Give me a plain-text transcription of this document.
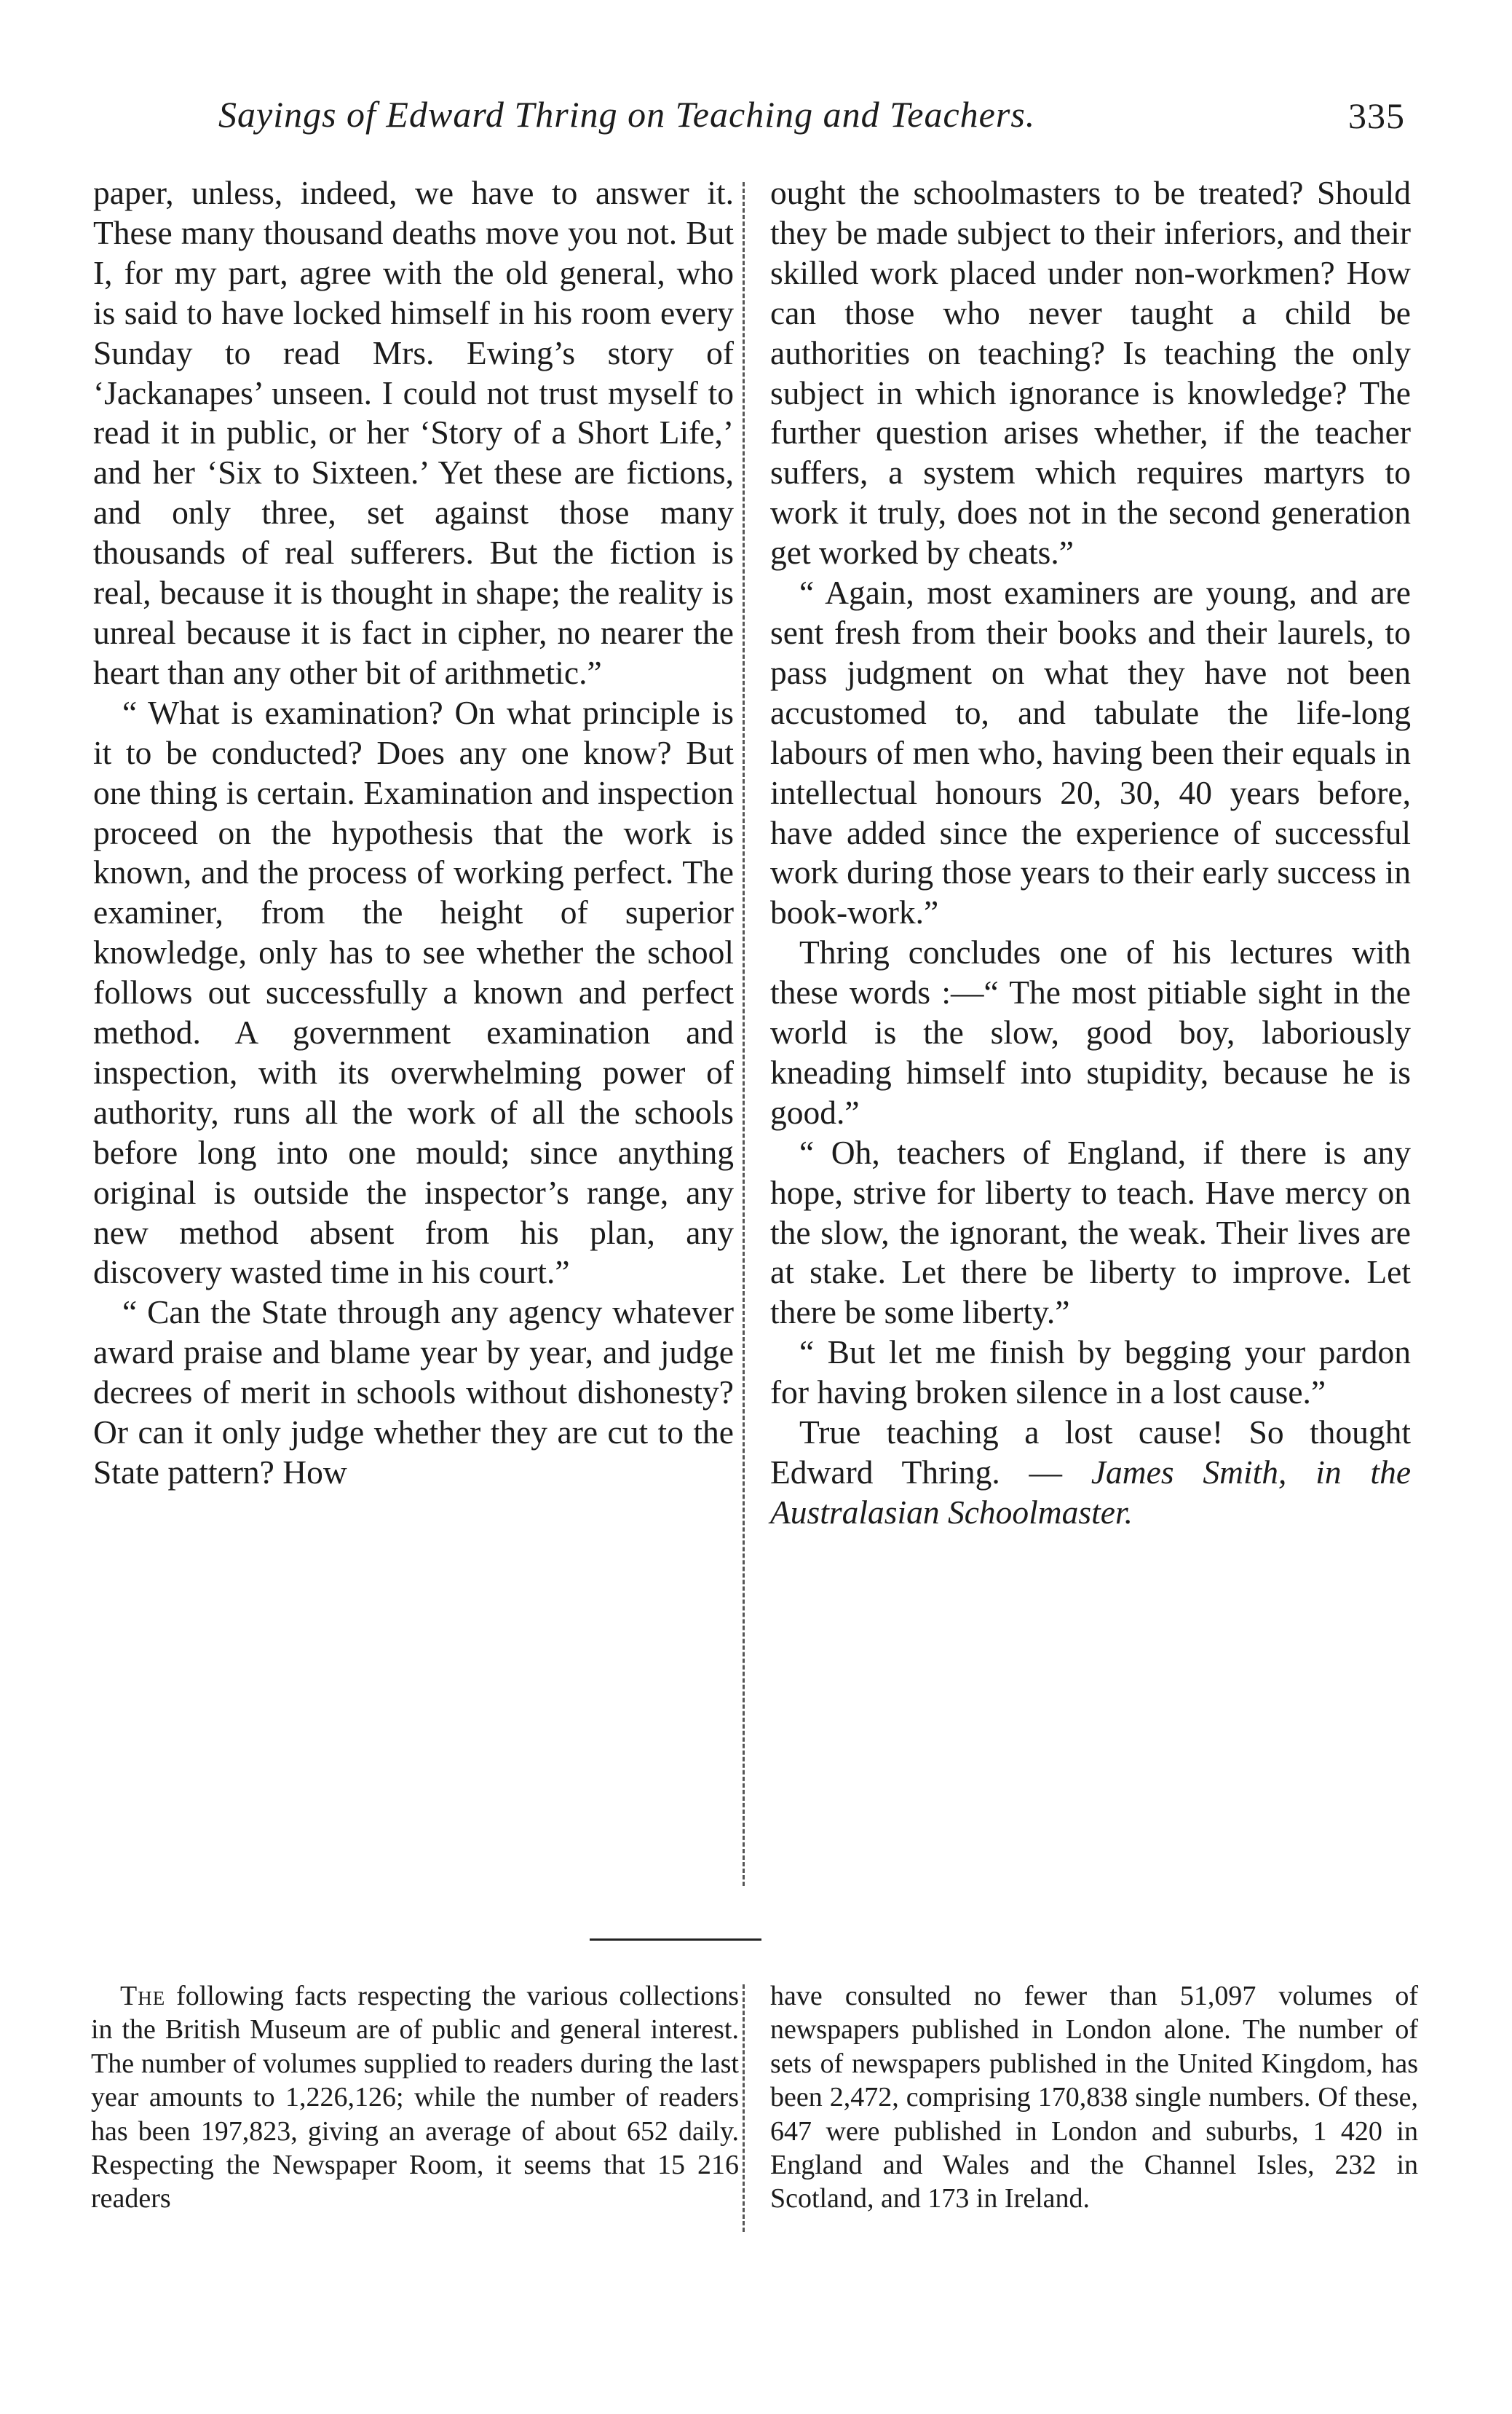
Sayings of Edward Thring on Teaching and Teachers.	335

paper, unless, indeed, we have to answer it. These many thousand deaths move you not. But I, for my part, agree with the old general, who is said to have locked himself in his room every Sunday to read Mrs. Ewing’s story of ‘Jackanapes’ unseen. I could not trust myself to read it in public, or her ‘Story of a Short Life,’ and her ‘Six to Sixteen.’ Yet these are fictions, and only three, set against those many thousands of real sufferers. But the fiction is real, because it is thought in shape; the reality is unreal because it is fact in cipher, no nearer the heart than any other bit of arithmetic.”

“ What is examination? On what principle is it to be conducted? Does any one know? But one thing is certain. Examination and inspection proceed on the hypothesis that the work is known, and the process of working perfect. The examiner, from the height of superior knowledge, only has to see whether the school follows out successfully a known and perfect method. A government examination and inspection, with its overwhelming power of authority, runs all the work of all the schools before long into one mould; since anything original is outside the inspector’s range, any new method absent from his plan, any discovery wasted time in his court.”

“ Can the State through any agency whatever award praise and blame year by year, and judge decrees of merit in schools without dishonesty? Or can it only judge whether they are cut to the State pattern? How

ought the schoolmasters to be treated? Should they be made subject to their inferiors, and their skilled work placed under non-workmen? How can those who never taught a child be authorities on teaching? Is teaching the only subject in which ignorance is knowledge? The further question arises whether, if the teacher suffers, a system which requires martyrs to work it truly, does not in the second generation get worked by cheats.”

“ Again, most examiners are young, and are sent fresh from their books and their laurels, to pass judgment on what they have not been accustomed to, and tabulate the life-long labours of men who, having been their equals in intellectual honours 20, 30, 40 years before, have added since the experience of successful work during those years to their early success in book-work.”

Thring concludes one of his lectures with these words :—“ The most pitiable sight in the world is the slow, good boy, laboriously kneading himself into stupidity, because he is good.”

“ Oh, teachers of England, if there is any hope, strive for liberty to teach. Have mercy on the slow, the ignorant, the weak. Their lives are at stake. Let there be liberty to improve. Let there be some liberty.”

“ But let me finish by begging your pardon for having broken silence in a lost cause.”

True teaching a lost cause! So thought Edward Thring. — James Smith, in the Australasian Schoolmaster.

The following facts respecting the various collections in the British Museum are of public and general interest. The number of volumes supplied to readers during the last year amounts to 1,226,126; while the number of readers has been 197,823, giving an average of about 652 daily. Respecting the Newspaper Room, it seems that 15 216 readers

have consulted no fewer than 51,097 volumes of newspapers published in London alone. The number of sets of newspapers published in the United Kingdom, has been 2,472, comprising 170,838 single numbers. Of these, 647 were published in London and suburbs, 1 420 in England and Wales and the Channel Isles, 232 in Scotland, and 173 in Ireland.
